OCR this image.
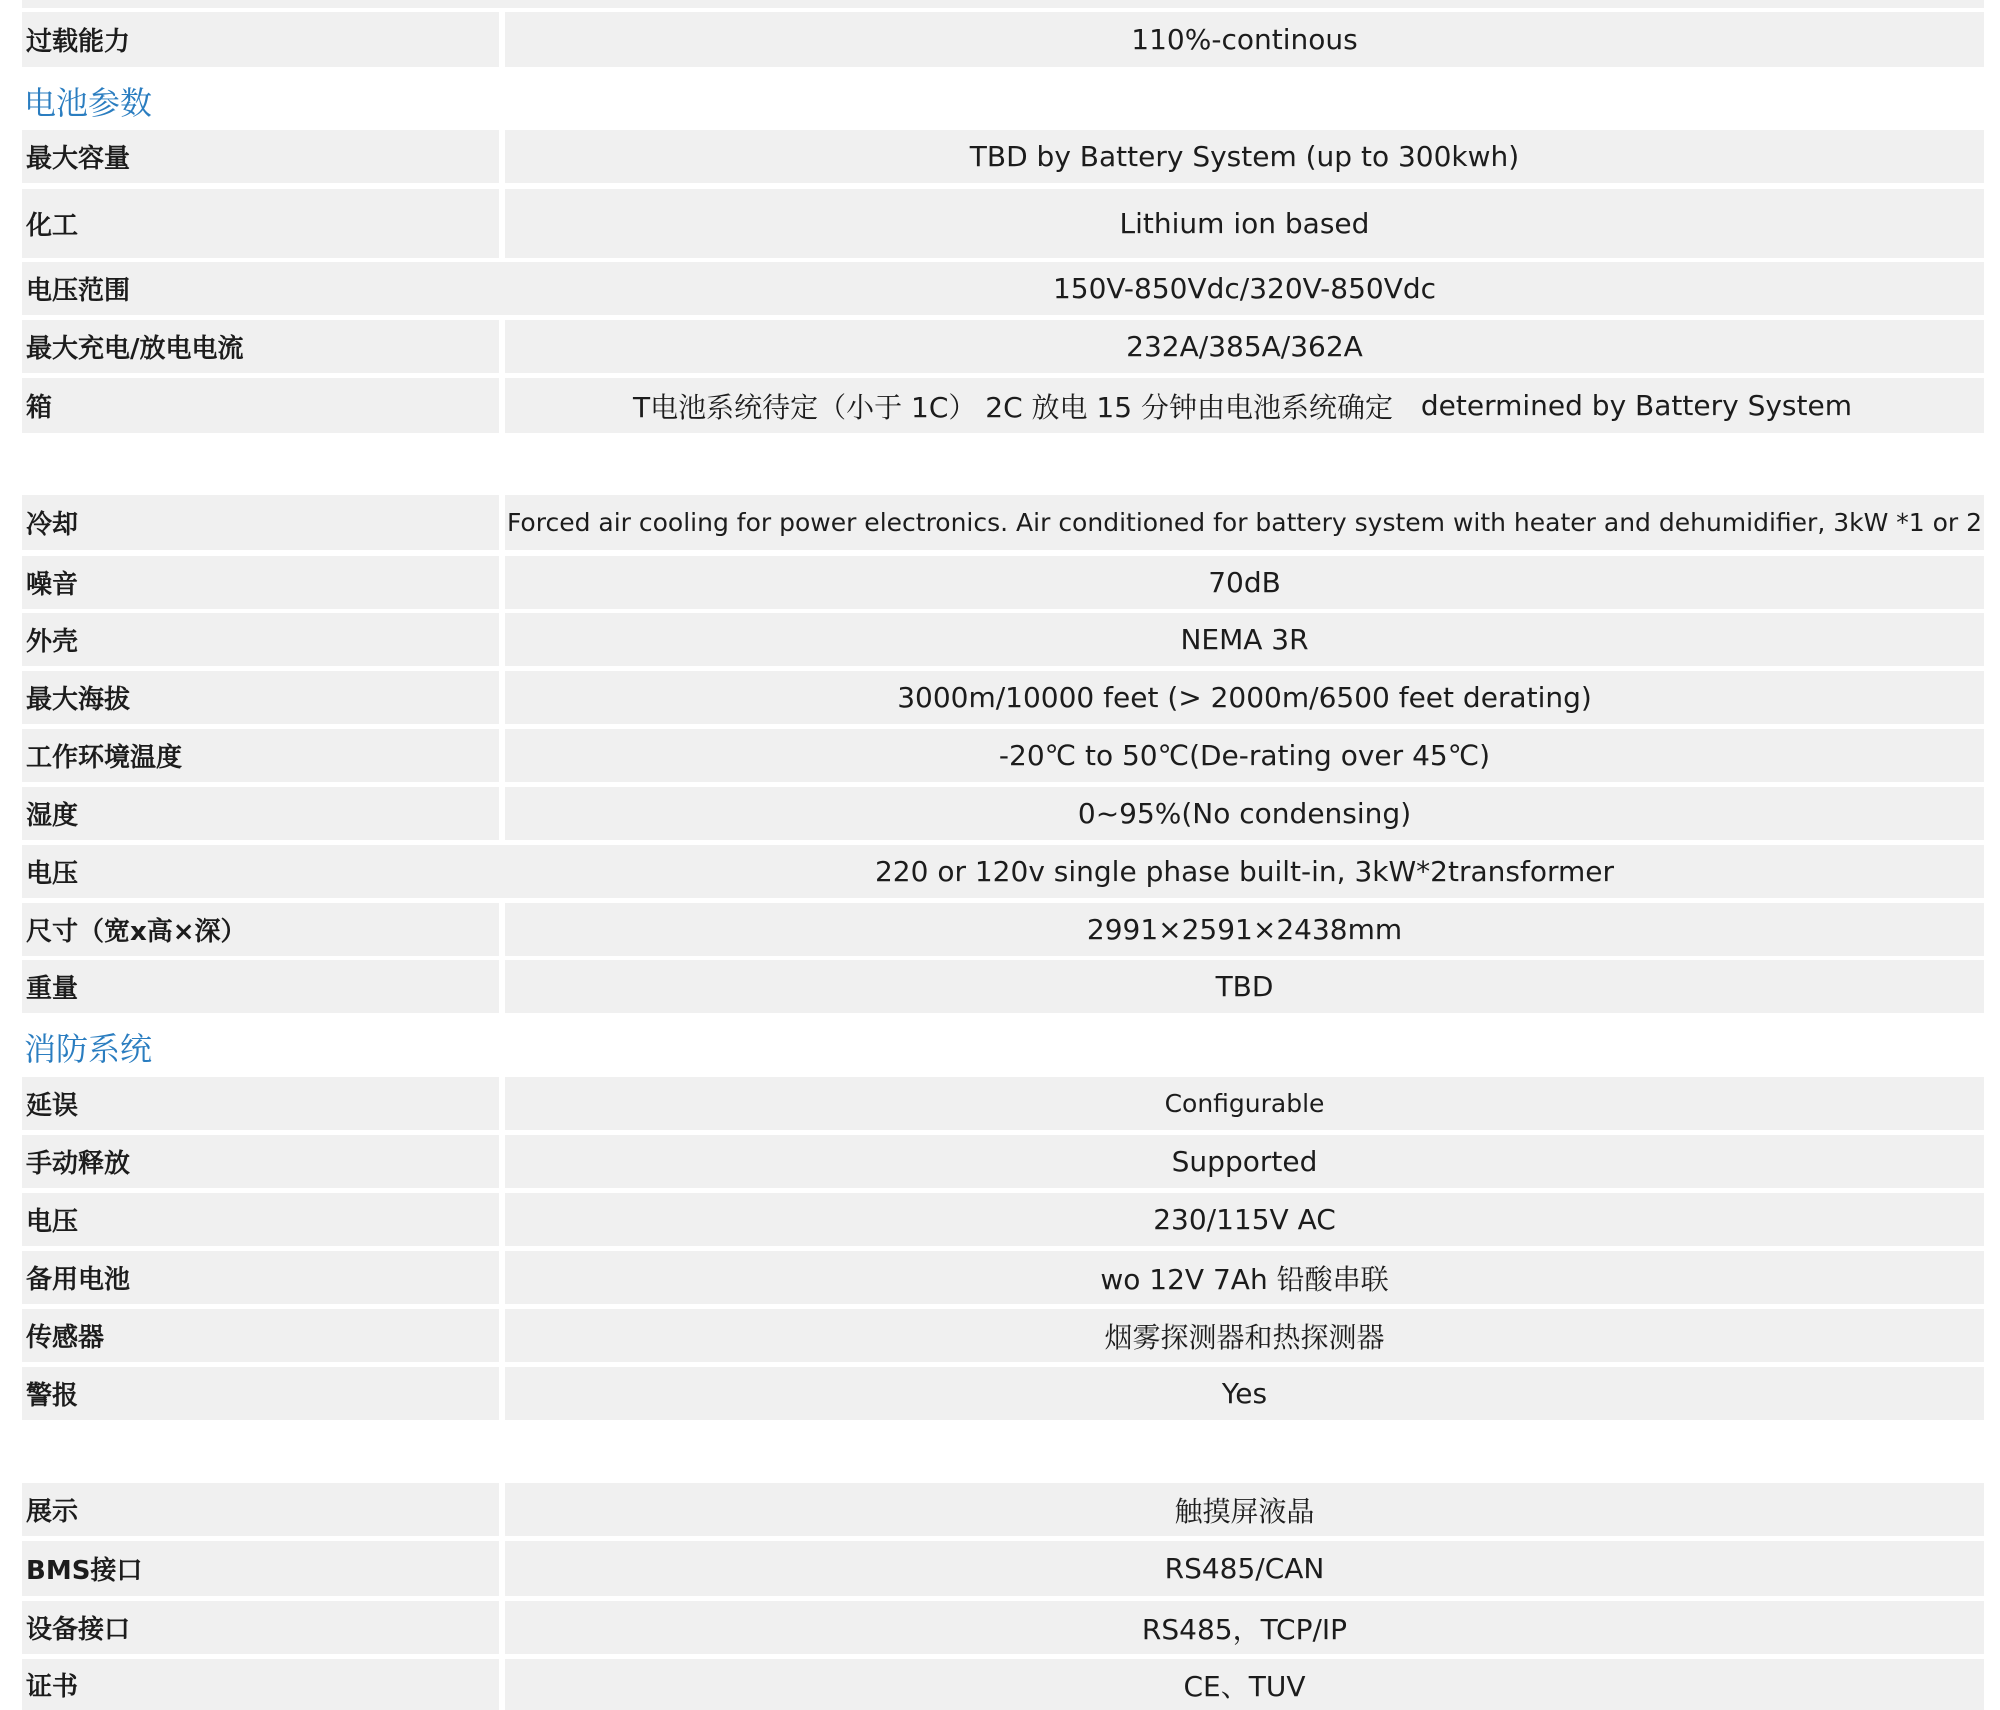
过载能力	110%-continous
电池参数
最大容量	TBD by Battery System (up to 300kwh)
化工	Lithium ion based
电压范围	150V-850Vdc/320V-850Vdc
最大充电/放电电流	232A/385A/362A
箱	T电池系统待定（小于 1C） 2C 放电 15 分钟由电池系统确定 determined by Battery System
冷却	Forced air cooling for power electronics. Air conditioned for battery system with heater and dehumidifier, 3kW *1 or 2
噪音	70dB
外壳	NEMA 3R
最大海拔	3000m/10000 feet (> 2000m/6500 feet derating)
工作环境温度	-20℃ to 50℃(De-rating over 45℃)
湿度	0~95%(No condensing)
电压	220 or 120v single phase built-in, 3kW*2transformer
尺寸（宽x高×深）	2991×2591×2438mm
重量	TBD
消防系统
延误	Configurable
手动释放	Supported
电压	230/115V AC
备用电池	wo 12V 7Ah 铅酸串联
传感器	烟雾探测器和热探测器
警报	Yes
展示	触摸屏液晶
BMS接口	RS485/CAN
设备接口	RS485，TCP/IP
证书	CE、TUV
